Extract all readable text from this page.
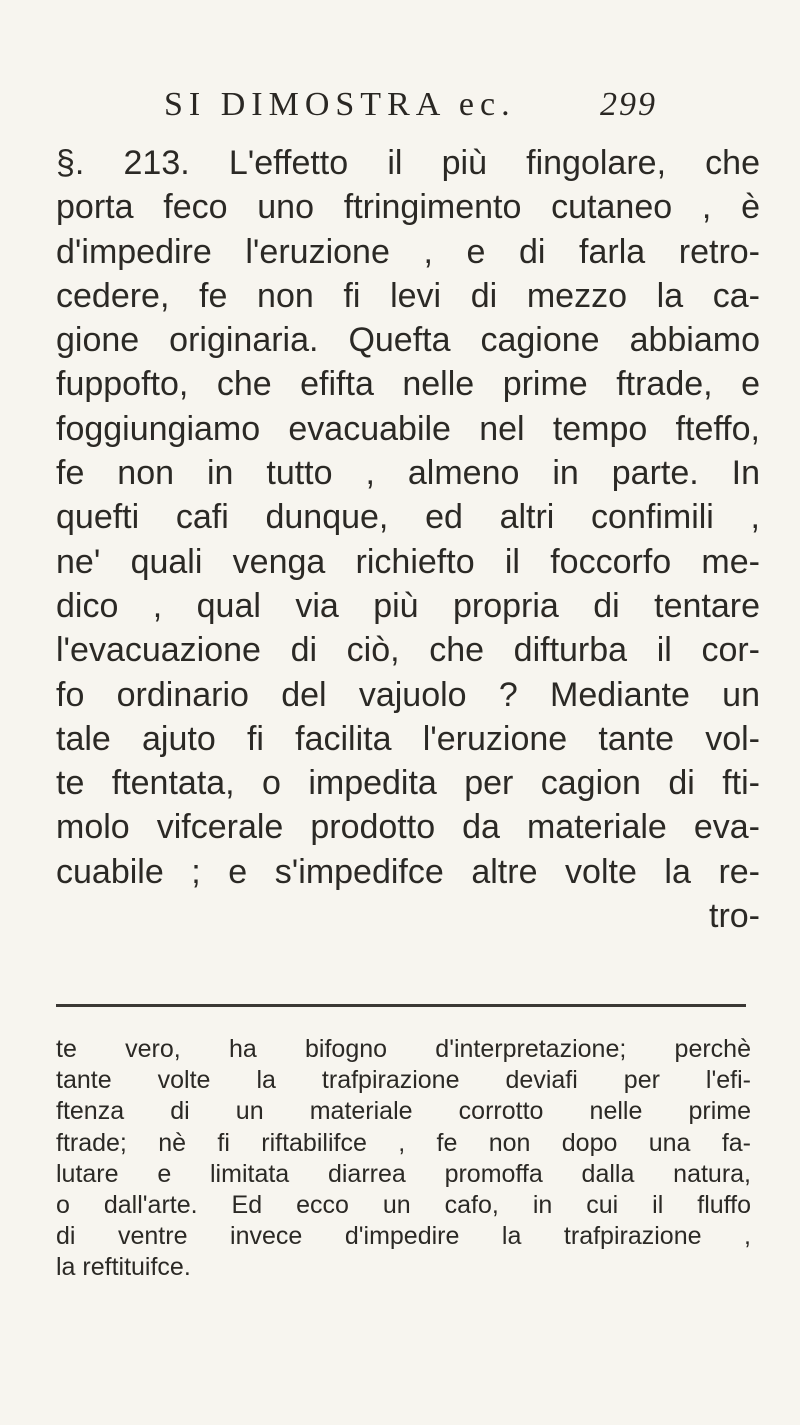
SI DIMOSTRA ec. 299
§. 213. L'effetto il più fingolare, che
porta feco uno ftringimento cutaneo , è
d'impedire l'eruzione , e di farla retro-
cedere, fe non fi levi di mezzo la ca-
gione originaria. Quefta cagione abbiamo
fuppofto, che efifta nelle prime ftrade, e
foggiungiamo evacuabile nel tempo fteffo,
fe non in tutto , almeno in parte. In
quefti cafi dunque, ed altri confimili ,
ne' quali venga richiefto il foccorfo me-
dico , qual via più propria di tentare
l'evacuazione di ciò, che difturba il cor-
fo ordinario del vajuolo ? Mediante un
tale ajuto fi facilita l'eruzione tante vol-
te ftentata, o impedita per cagion di fti-
molo vifcerale prodotto da materiale eva-
cuabile ; e s'impedifce altre volte la re-
tro-
te vero, ha bifogno d'interpretazione; perchè
tante volte la trafpirazione deviafi per l'efi-
ftenza di un materiale corrotto nelle prime
ftrade; nè fi riftabilifce , fe non dopo una fa-
lutare e limitata diarrea promoffa dalla natura,
o dall'arte. Ed ecco un cafo, in cui il fluffo
di ventre invece d'impedire la trafpirazione ,
la reftituifce.
